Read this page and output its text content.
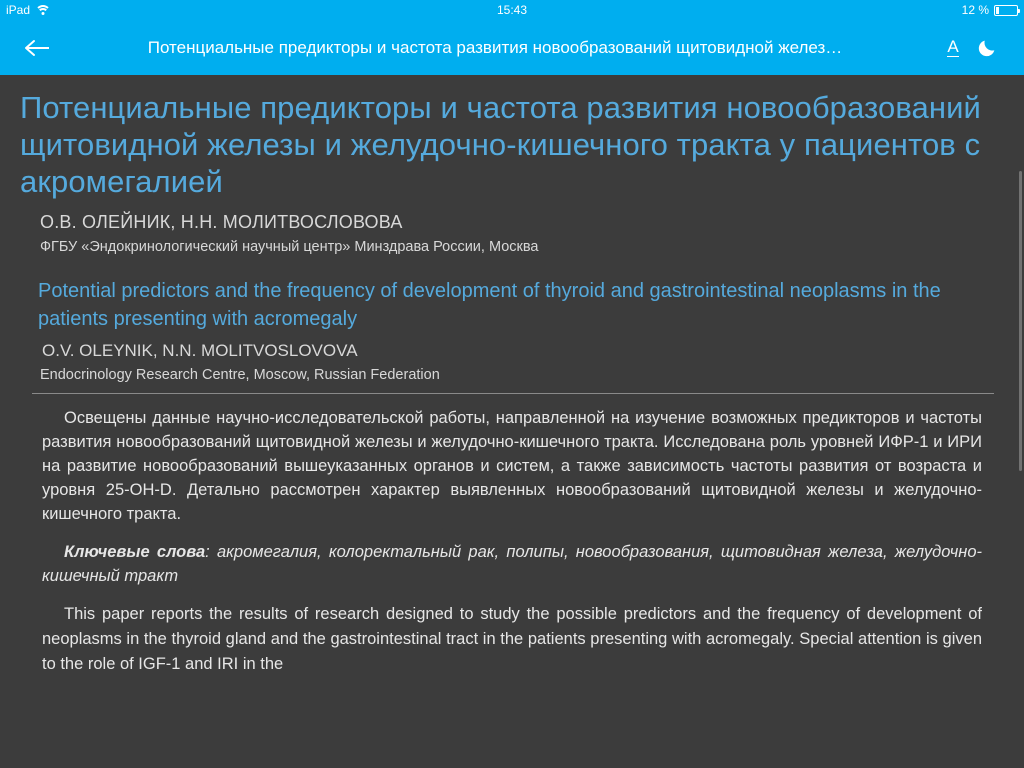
iPad	15:43	12 %
Потенциальные предикторы и частота развития новообразований щитовидной желез…	A
Потенциальные предикторы и частота развития новообразований щитовидной железы и желудочно-кишечного тракта у пациентов с акромегалией
О.В. ОЛЕЙНИК, Н.Н. МОЛИТВОСЛОВОВА
ФГБУ «Эндокринологический научный центр» Минздрава России, Москва
Potential predictors and the frequency of development of thyroid and gastrointestinal neoplasms in the patients presenting with acromegaly
O.V. OLEYNIK, N.N. MOLITVOSLOVOVA
Endocrinology Research Centre, Moscow, Russian Federation

Освещены данные научно-исследовательской работы, направленной на изучение возможных предикторов и частоты развития новообразований щитовидной железы и желудочно-кишечного тракта. Исследована роль уровней ИФР-1 и ИРИ на развитие новообразований вышеуказанных органов и систем, а также зависимость частоты развития от возраста и уровня 25-ОН-D. Детально рассмотрен характер выявленных новообразований щитовидной железы и желудочно-кишечного тракта.

Ключевые слова: акромегалия, колоректальный рак, полипы, новообразования, щитовидная железа, желудочно-кишечный тракт

This paper reports the results of research designed to study the possible predictors and the frequency of development of neoplasms in the thyroid gland and the gastrointestinal tract in the patients presenting with acromegaly. Special attention is given to the role of IGF-1 and IRI in the
